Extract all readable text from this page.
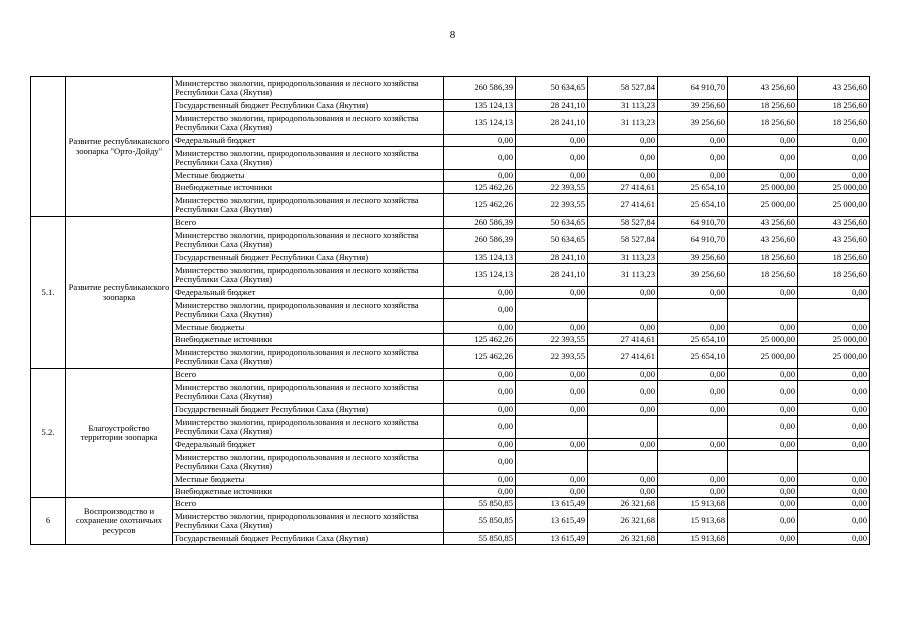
8
	Развитие республиканского зоопарка "Орто-Дойду"	Министерство экологии, природопользования и лесного хозяйства Республики Саха (Якутия)	260 586,39	50 634,65	58 527,84	64 910,70	43 256,60	43 256,60
		Государственный бюджет Республики Саха (Якутия)	135 124,13	28 241,10	31 113,23	39 256,60	18 256,60	18 256,60
		Министерство экологии, природопользования и лесного хозяйства Республики Саха (Якутия)	135 124,13	28 241,10	31 113,23	39 256,60	18 256,60	18 256,60
		Федеральный бюджет	0,00	0,00	0,00	0,00	0,00	0,00
		Министерство экологии, природопользования и лесного хозяйства Республики Саха (Якутия)	0,00	0,00	0,00	0,00	0,00	0,00
		Местные бюджеты	0,00	0,00	0,00	0,00	0,00	0,00
		Внебюджетные источники	125 462,26	22 393,55	27 414,61	25 654,10	25 000,00	25 000,00
		Министерство экологии, природопользования и лесного хозяйства Республики Саха (Якутия)	125 462,26	22 393,55	27 414,61	25 654,10	25 000,00	25 000,00
5.1.	Развитие республиканского зоопарка	Всего	260 586,39	50 634,65	58 527,84	64 910,70	43 256,60	43 256,60
		Министерство экологии, природопользования и лесного хозяйства Республики Саха (Якутия)	260 586,39	50 634,65	58 527,84	64 910,70	43 256,60	43 256,60
		Государственный бюджет Республики Саха (Якутия)	135 124,13	28 241,10	31 113,23	39 256,60	18 256,60	18 256,60
		Министерство экологии, природопользования и лесного хозяйства Республики Саха (Якутия)	135 124,13	28 241,10	31 113,23	39 256,60	18 256,60	18 256,60
		Федеральный бюджет	0,00	0,00	0,00	0,00	0,00	0,00
		Министерство экологии, природопользования и лесного хозяйства Республики Саха (Якутия)	0,00					
		Местные бюджеты	0,00	0,00	0,00	0,00	0,00	0,00
		Внебюджетные источники	125 462,26	22 393,55	27 414,61	25 654,10	25 000,00	25 000,00
		Министерство экологии, природопользования и лесного хозяйства Республики Саха (Якутия)	125 462,26	22 393,55	27 414,61	25 654,10	25 000,00	25 000,00
5.2.	Благоустройство территории зоопарка	Всего	0,00	0,00	0,00	0,00	0,00	0,00
		Министерство экологии, природопользования и лесного хозяйства Республики Саха (Якутия)	0,00	0,00	0,00	0,00	0,00	0,00
		Государственный бюджет Республики Саха (Якутия)	0,00	0,00	0,00	0,00	0,00	0,00
		Министерство экологии, природопользования и лесного хозяйства Республики Саха (Якутия)	0,00				0,00	0,00
		Федеральный бюджет	0,00	0,00	0,00	0,00	0,00	0,00
		Министерство экологии, природопользования и лесного хозяйства Республики Саха (Якутия)	0,00					
		Местные бюджеты	0,00	0,00	0,00	0,00	0,00	0,00
		Внебюджетные источники	0,00	0,00	0,00	0,00	0,00	0,00
6	Воспроизводство и сохранение охотничьих ресурсов	Всего	55 850,85	13 615,49	26 321,68	15 913,68	0,00	0,00
		Министерство экологии, природопользования и лесного хозяйства Республики Саха (Якутия)	55 850,85	13 615,49	26 321,68	15 913,68	0,00	0,00
		Государственный бюджет Республики Саха (Якутия)	55 850,85	13 615,49	26 321,68	15 913,68	0,00	0,00
